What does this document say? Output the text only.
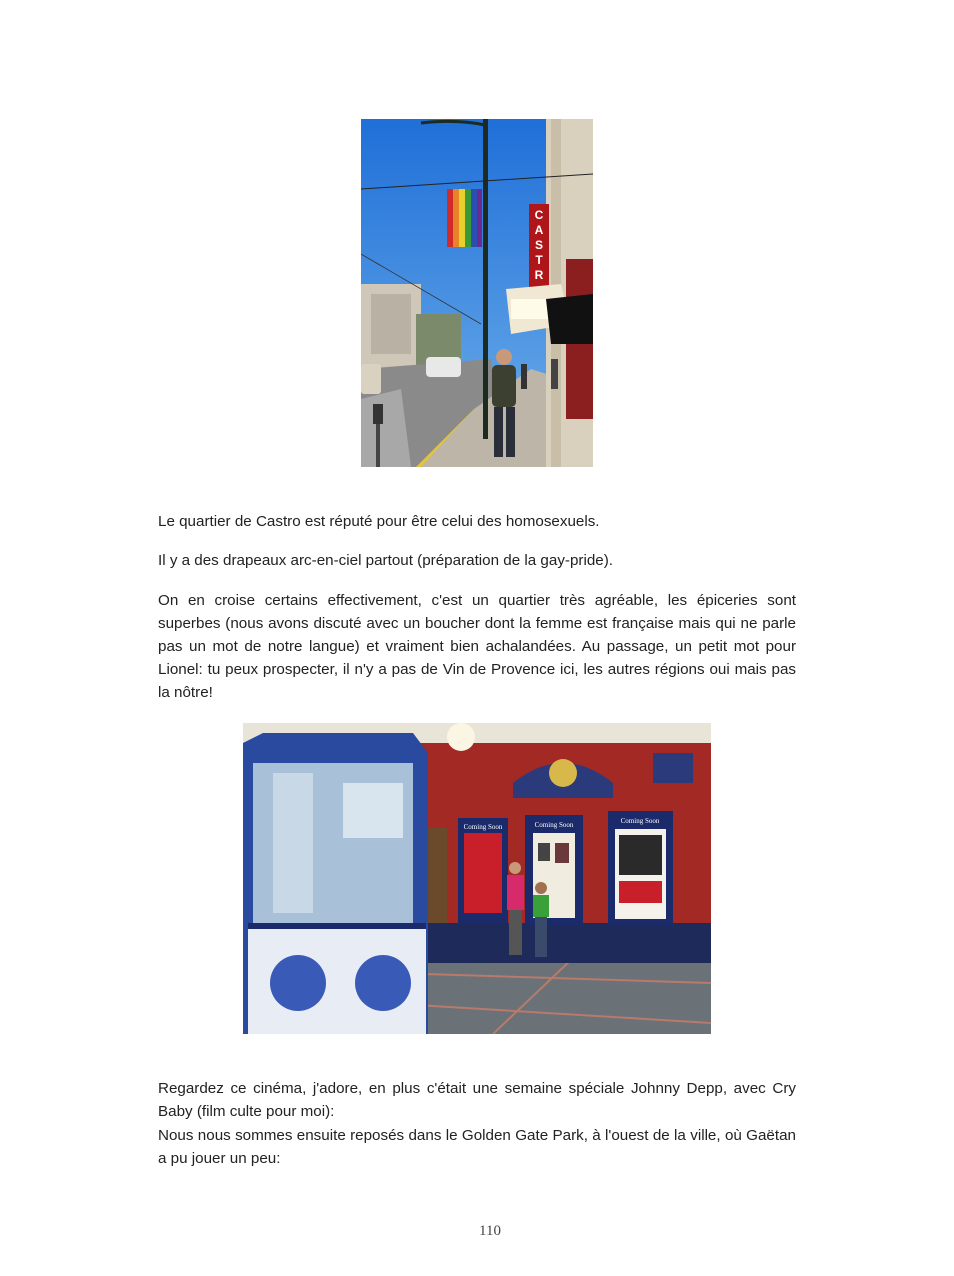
C
A
S
T
R

Le quartier de Castro est réputé pour être celui des homosexuels.

Il y a des drapeaux arc-en-ciel partout (préparation de la gay-pride).

On en croise certains effectivement, c'est un quartier très agréable, les épiceries sont superbes (nous avons discuté avec un boucher dont la femme est française mais qui ne parle pas un mot de notre langue) et vraiment bien achalandées. Au passage, un petit mot pour Lionel: tu peux prospecter, il n'y a pas de Vin de Provence ici, les autres régions oui mais pas la nôtre!

Coming Soon	Coming Soon	Coming Soon

Regardez ce cinéma, j'adore, en plus c'était une semaine spéciale Johnny Depp, avec Cry Baby (film culte pour moi):

Nous nous sommes ensuite reposés dans le Golden Gate Park, à l'ouest de la ville, où Gaëtan a pu jouer un peu:

110
